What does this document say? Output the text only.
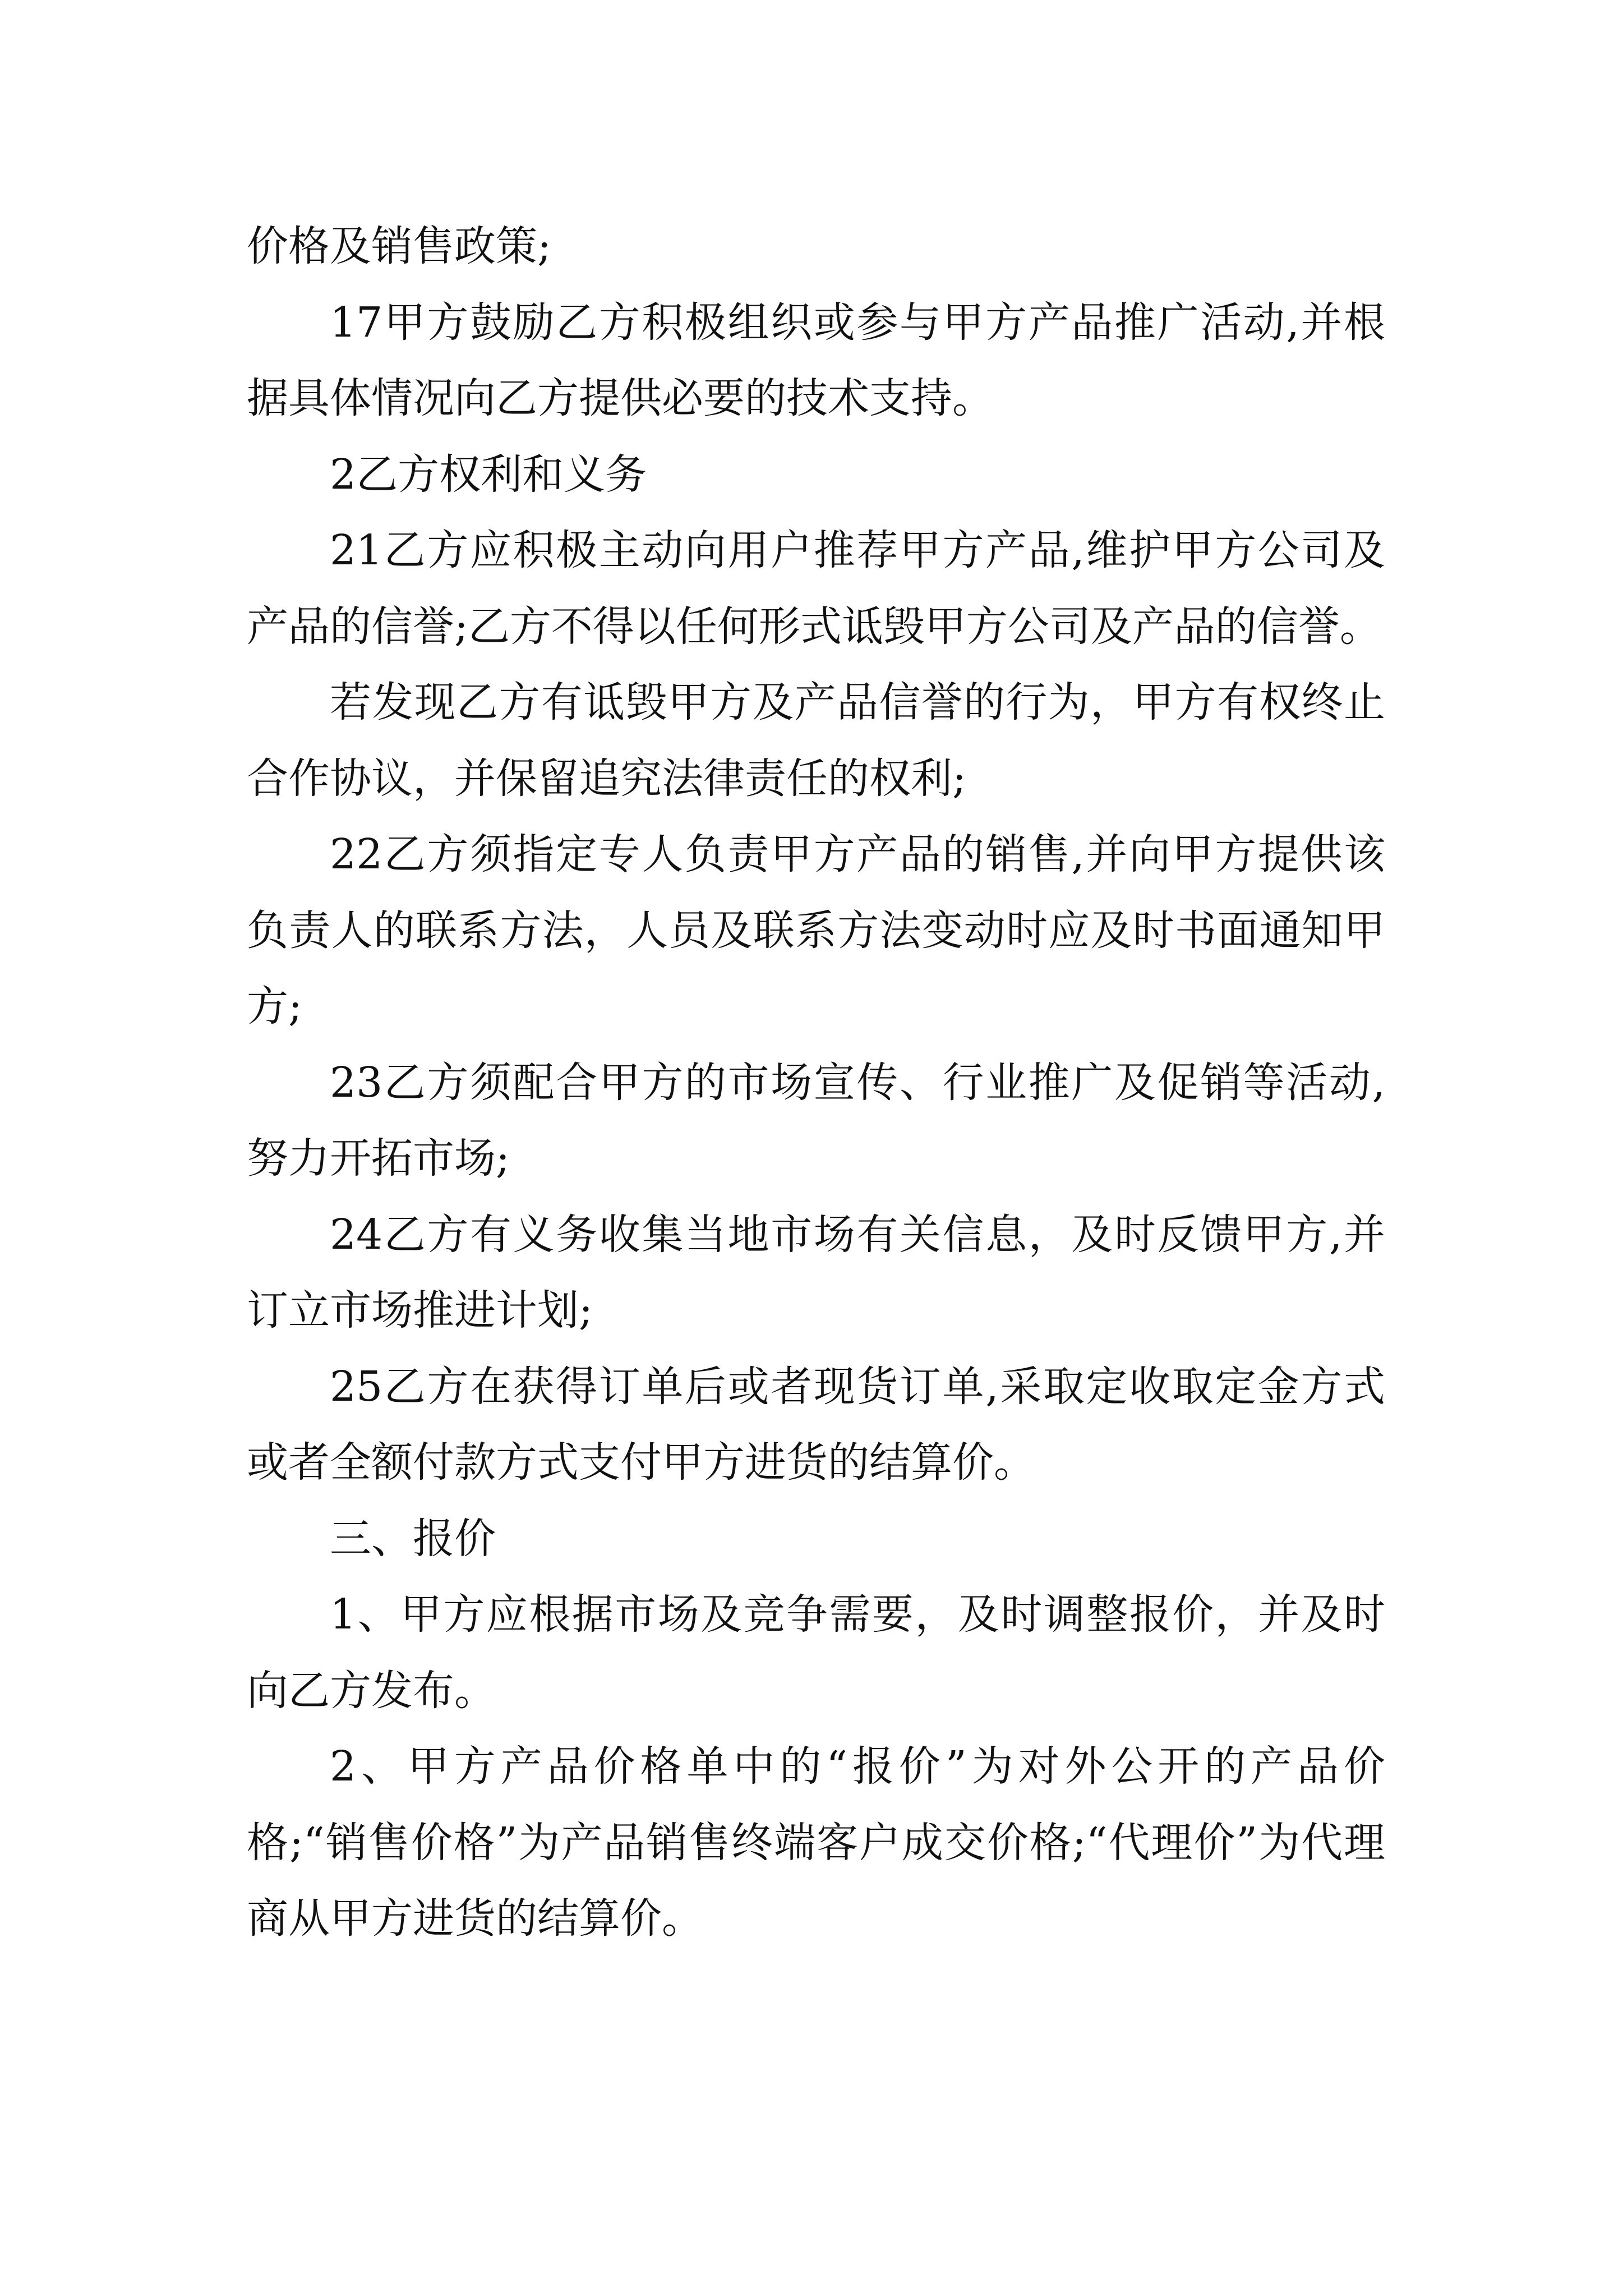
价格及销售政策;

17甲方鼓励乙方积极组织或参与甲方产品推广活动,并根据具体情况向乙方提供必要的技术支持。

2乙方权利和义务

21乙方应积极主动向用户推荐甲方产品,维护甲方公司及产品的信誉;乙方不得以任何形式诋毁甲方公司及产品的信誉。

若发现乙方有诋毁甲方及产品信誉的行为，甲方有权终止合作协议，并保留追究法律责任的权利;

22乙方须指定专人负责甲方产品的销售,并向甲方提供该负责人的联系方法，人员及联系方法变动时应及时书面通知甲方;

23乙方须配合甲方的市场宣传、行业推广及促销等活动,努力开拓市场;

24乙方有义务收集当地市场有关信息，及时反馈甲方,并订立市场推进计划;

25乙方在获得订单后或者现货订单,采取定收取定金方式或者全额付款方式支付甲方进货的结算价。

三、报价

1、甲方应根据市场及竞争需要，及时调整报价，并及时向乙方发布。

2、甲方产品价格单中的“报价”为对外公开的产品价格;“销售价格”为产品销售终端客户成交价格;“代理价”为代理商从甲方进货的结算价。
